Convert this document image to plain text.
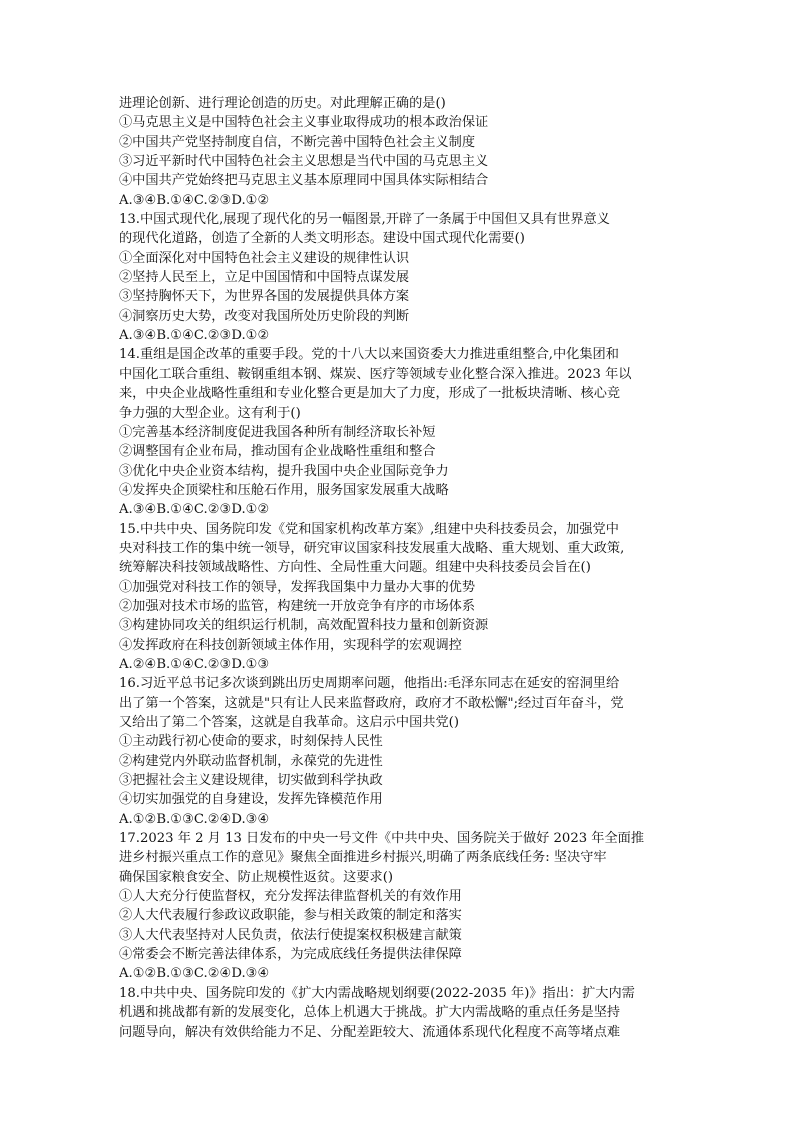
进理论创新、进行理论创造的历史。对此理解正确的是()
①马克思主义是中国特色社会主义事业取得成功的根本政治保证
②中国共产党坚持制度自信，不断完善中国特色社会主义制度
③习近平新时代中国特色社会主义思想是当代中国的马克思主义
④中国共产党始终把马克思主义基本原理同中国具体实际相结合
A.③④B.①④C.②③D.①②
13.中国式现代化,展现了现代化的另一幅图景,开辟了一条属于中国但又具有世界意义
的现代化道路，创造了全新的人类文明形态。建设中国式现代化需要()
①全面深化对中国特色社会主义建设的规律性认识
②坚持人民至上，立足中国国情和中国特点谋发展
③坚持胸怀天下，为世界各国的发展提供具体方案
④洞察历史大势，改变对我国所处历史阶段的判断
A.③④B.①④C.②③D.①②
14.重组是国企改革的重要手段。党的十八大以来国资委大力推进重组整合,中化集团和
中国化工联合重组、鞍钢重组本钢、煤炭、医疗等领域专业化整合深入推进。2023 年以
来，中央企业战略性重组和专业化整合更是加大了力度，形成了一批板块清晰、核心竞
争力强的大型企业。这有利于()
①完善基本经济制度促进我国各种所有制经济取长补短
②调整国有企业布局，推动国有企业战略性重组和整合
③优化中央企业资本结构，提升我国中央企业国际竞争力
④发挥央企顶梁柱和压舱石作用，服务国家发展重大战略
A.③④B.①④C.②③D.①②
15.中共中央、国务院印发《党和国家机构改革方案》,组建中央科技委员会，加强党中
央对科技工作的集中统一领导，研究审议国家科技发展重大战略、重大规划、重大政策,
统筹解决科技领域战略性、方向性、全局性重大问题。组建中央科技委员会旨在()
①加强党对科技工作的领导，发挥我国集中力量办大事的优势
②加强对技术市场的监管，构建统一开放竞争有序的市场体系
③构建协同攻关的组织运行机制，高效配置科技力量和创新资源
④发挥政府在科技创新领域主体作用，实现科学的宏观调控
A.②④B.①④C.②③D.①③
16.习近平总书记多次谈到跳出历史周期率问题，他指出:毛泽东同志在延安的窑洞里给
出了第一个答案，这就是"只有让人民来监督政府，政府才不敢松懈";经过百年奋斗，党
又给出了第二个答案，这就是自我革命。这启示中国共党()
①主动践行初心使命的要求，时刻保持人民性
②构建党内外联动监督机制，永葆党的先进性
③把握社会主义建设规律，切实做到科学执政
④切实加强党的自身建设，发挥先锋模范作用
A.①②B.①③C.②④D.③④
17.2023 年 2 月 13 日发布的中央一号文件《中共中央、国务院关于做好 2023 年全面推
进乡村振兴重点工作的意见》聚焦全面推进乡村振兴,明确了两条底线任务: 坚决守牢
确保国家粮食安全、防止规模性返贫。这要求()
①人大充分行使监督权，充分发挥法律监督机关的有效作用
②人大代表履行参政议政职能，参与相关政策的制定和落实
③人大代表坚持对人民负责，依法行使提案权积极建言献策
④常委会不断完善法律体系，为完成底线任务提供法律保障
A.①②B.①③C.②④D.③④
18.中共中央、国务院印发的《扩大内需战略规划纲要(2022-2035 年)》指出：扩大内需
机遇和挑战都有新的发展变化，总体上机遇大于挑战。扩大内需战略的重点任务是坚持
问题导向，解决有效供给能力不足、分配差距较大、流通体系现代化程度不高等堵点难
